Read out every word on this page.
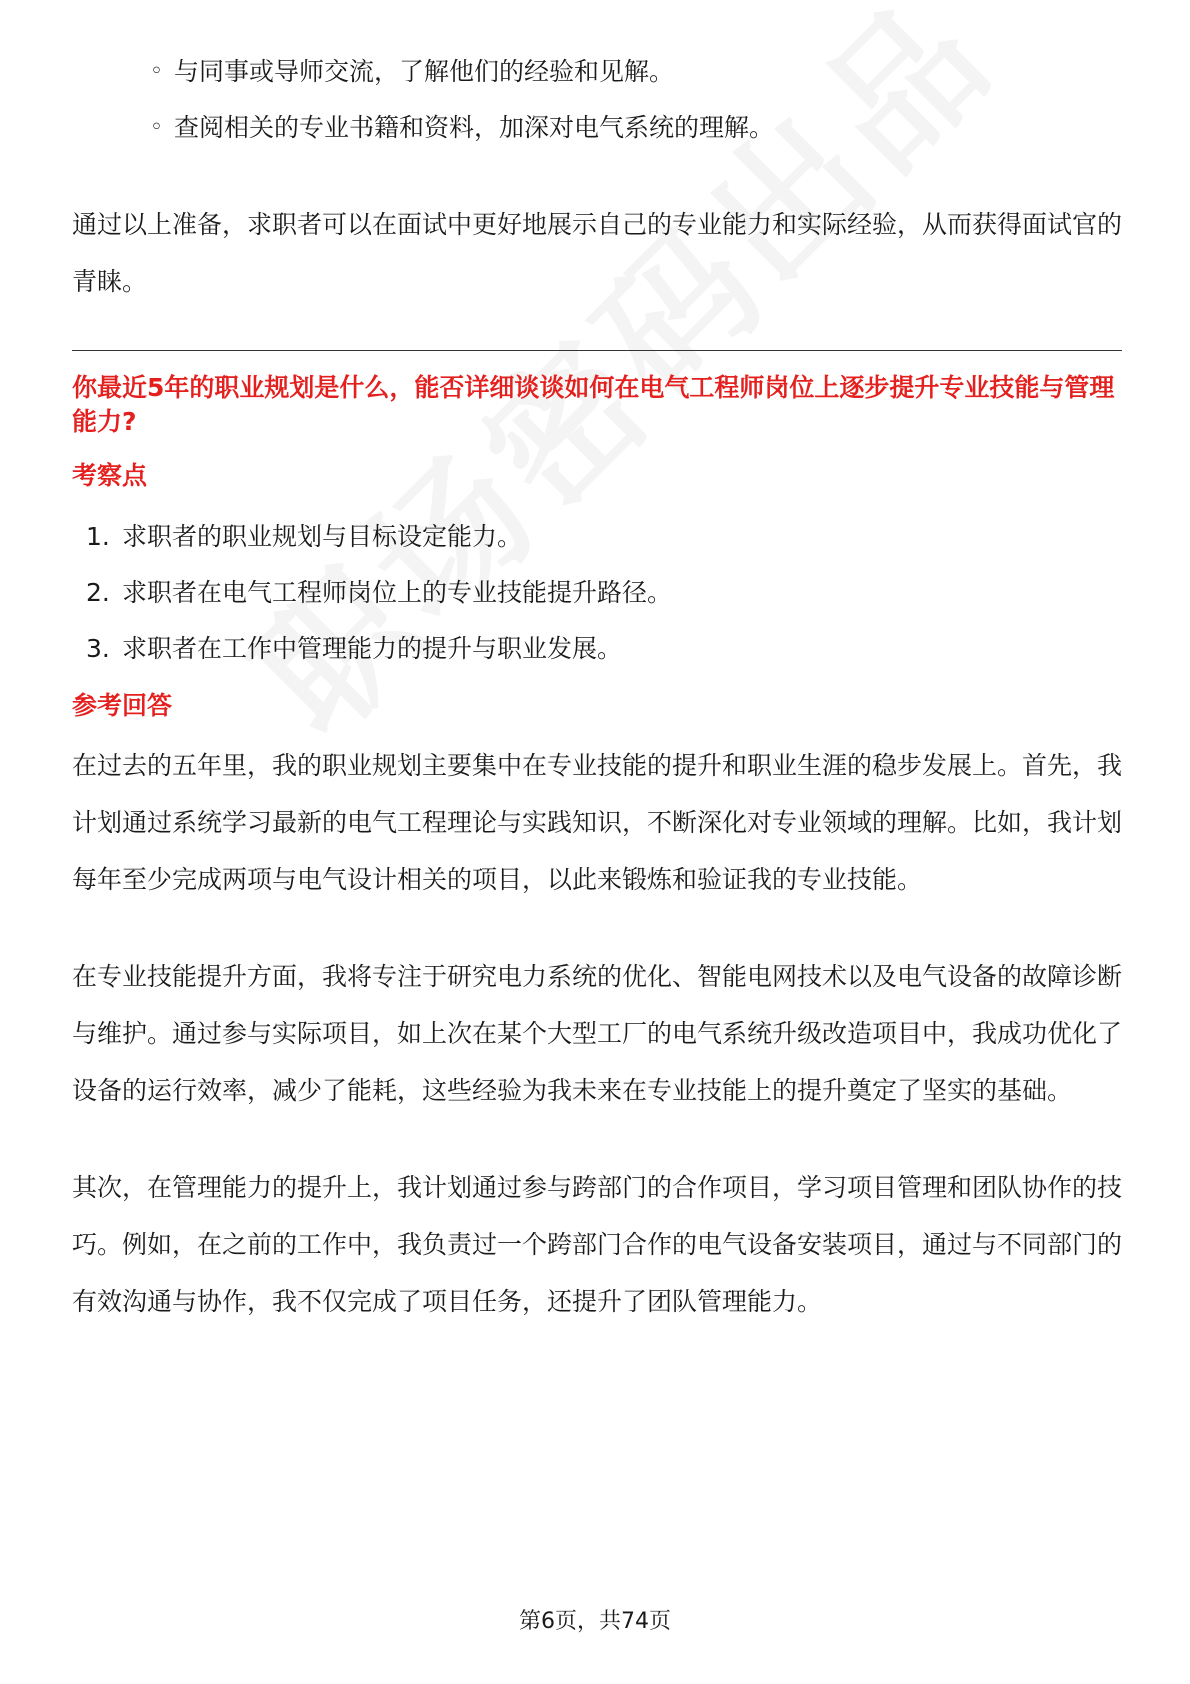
◦ 与同事或导师交流，了解他们的经验和见解。
◦ 查阅相关的专业书籍和资料，加深对电气系统的理解。

通过以上准备，求职者可以在面试中更好地展示自己的专业能力和实际经验，从而获得面试官的青睐。

你最近5年的职业规划是什么，能否详细谈谈如何在电气工程师岗位上逐步提升专业技能与管理能力?

考察点
1. 求职者的职业规划与目标设定能力。
2. 求职者在电气工程师岗位上的专业技能提升路径。
3. 求职者在工作中管理能力的提升与职业发展。
参考回答

在过去的五年里，我的职业规划主要集中在专业技能的提升和职业生涯的稳步发展上。首先，我计划通过系统学习最新的电气工程理论与实践知识，不断深化对专业领域的理解。比如，我计划每年至少完成两项与电气设计相关的项目，以此来锻炼和验证我的专业技能。

在专业技能提升方面，我将专注于研究电力系统的优化、智能电网技术以及电气设备的故障诊断与维护。通过参与实际项目，如上次在某个大型工厂的电气系统升级改造项目中，我成功优化了设备的运行效率，减少了能耗，这些经验为我未来在专业技能上的提升奠定了坚实的基础。

其次，在管理能力的提升上，我计划通过参与跨部门的合作项目，学习项目管理和团队协作的技巧。例如，在之前的工作中，我负责过一个跨部门合作的电气设备安装项目，通过与不同部门的有效沟通与协作，我不仅完成了项目任务，还提升了团队管理能力。

第6页，共74页
